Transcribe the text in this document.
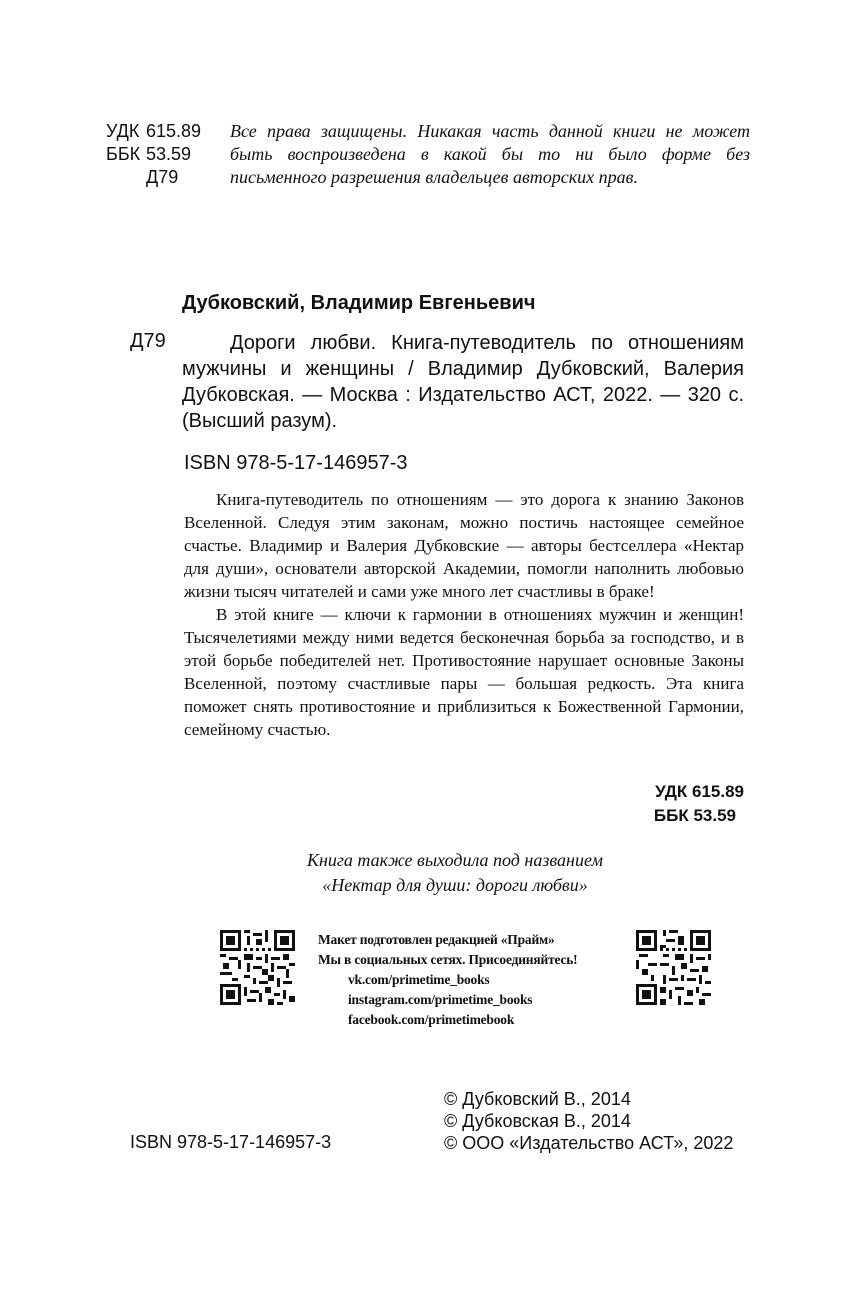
УДК 615.89
ББК 53.59
Д79
Все права защищены. Никакая часть данной книги не может быть воспроизведена в какой бы то ни было форме без письменного разрешения владельцев авторских прав.
Дубковский, Владимир Евгеньевич
Д79	Дороги любви. Книга-путеводитель по отношениям мужчины и женщины / Владимир Дубковский, Валерия Дубковская. — Москва : Издательство АСТ, 2022. — 320 с. (Высший разум).
ISBN 978-5-17-146957-3

Книга-путеводитель по отношениям — это дорога к знанию Законов Вселенной. Следуя этим законам, можно постичь настоящее семейное счастье. Владимир и Валерия Дубковские — авторы бестселлера «Нектар для души», основатели авторской Академии, помогли наполнить любовью жизни тысяч читателей и сами уже много лет счастливы в браке!

В этой книге — ключи к гармонии в отношениях мужчин и женщин! Тысячелетиями между ними ведется бесконечная борьба за господство, и в этой борьбе победителей нет. Противостояние нарушает основные Законы Вселенной, поэтому счастливые пары — большая редкость. Эта книга поможет снять противостояние и приблизиться к Божественной Гармонии, семейному счастью.

УДК 615.89
ББК 53.59
Книга также выходила под названием
«Нектар для души: дороги любви»
Макет подготовлен редакцией «Прайм»
Мы в социальных сетях. Присоединяйтесь!
vk.com/primetime_books
instagram.com/primetime_books
facebook.com/primetimebook
© Дубковский В., 2014
© Дубковская В., 2014
© ООО «Издательство АСТ», 2022
ISBN 978-5-17-146957-3
